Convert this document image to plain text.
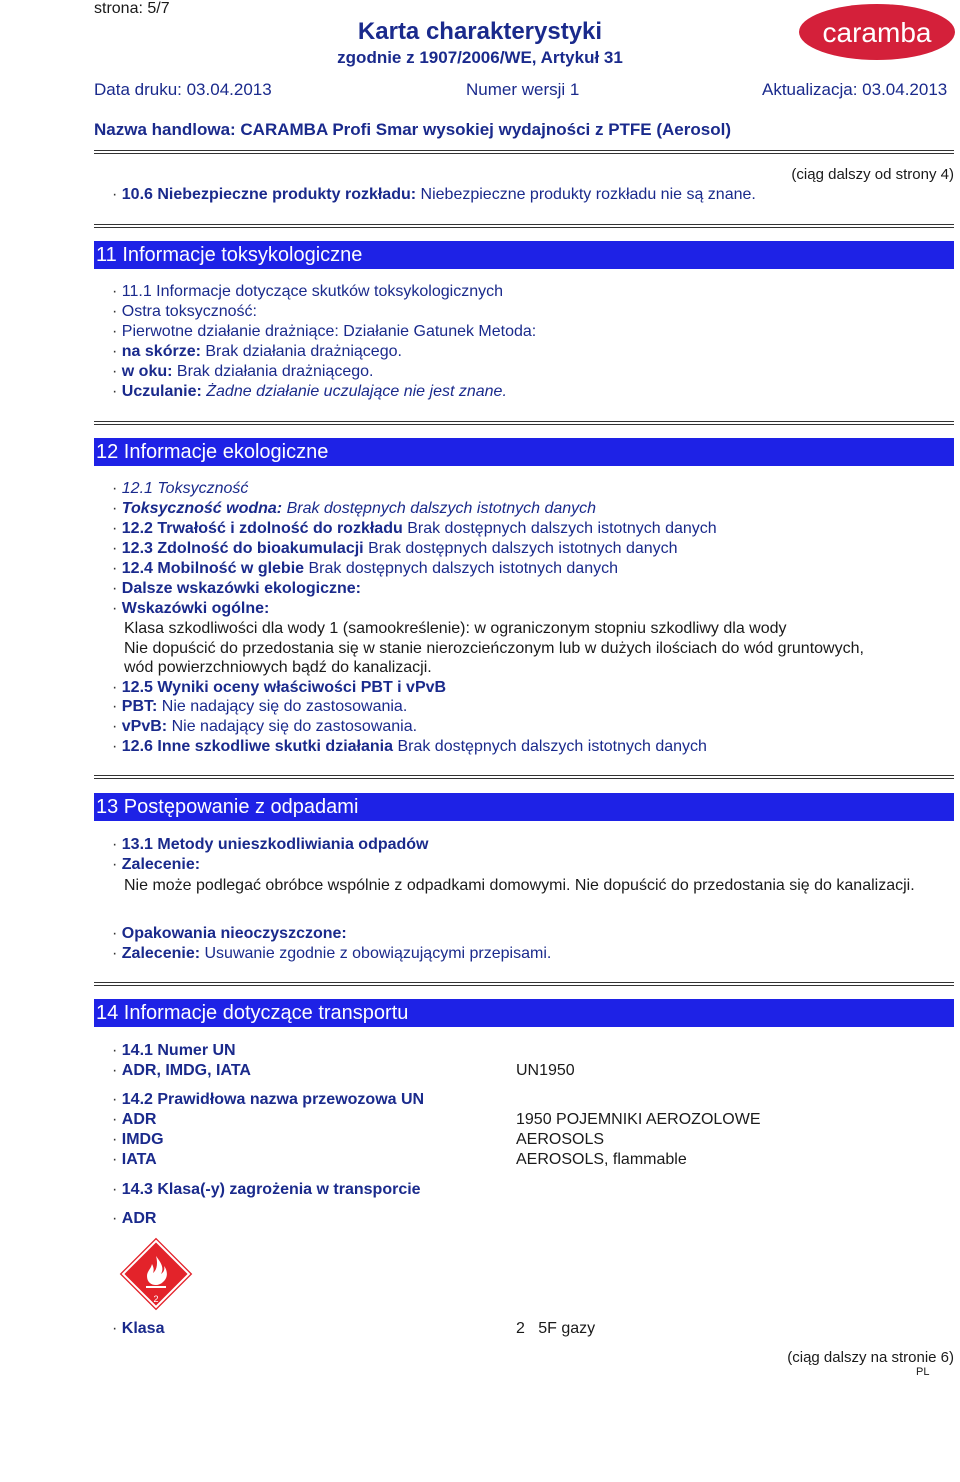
strona: 5/7
Karta charakterystyki
zgodnie z 1907/2006/WE, Artykuł 31
caramba
Data druku: 03.04.2013	Numer wersji 1	Aktualizacja: 03.04.2013
Nazwa handlowa: CARAMBA Profi Smar wysokiej wydajności z PTFE (Aerosol)
(ciąg dalszy od strony 4)
· 10.6 Niebezpieczne produkty rozkładu: Niebezpieczne produkty rozkładu nie są znane.
11 Informacje toksykologiczne
· 11.1 Informacje dotyczące skutków toksykologicznych
· Ostra toksyczność:
· Pierwotne działanie drażniące: Działanie Gatunek Metoda:
· na skórze: Brak działania drażniącego.
· w oku: Brak działania drażniącego.
· Uczulanie: Żadne działanie uczulające nie jest znane.
12 Informacje ekologiczne
· 12.1 Toksyczność
· Toksyczność wodna: Brak dostępnych dalszych istotnych danych
· 12.2 Trwałość i zdolność do rozkładu Brak dostępnych dalszych istotnych danych
· 12.3 Zdolność do bioakumulacji Brak dostępnych dalszych istotnych danych
· 12.4 Mobilność w glebie Brak dostępnych dalszych istotnych danych
· Dalsze wskazówki ekologiczne:
· Wskazówki ogólne:
Klasa szkodliwości dla wody 1 (samookreślenie): w ograniczonym stopniu szkodliwy dla wody
Nie dopuścić do przedostania się w stanie nierozcieńczonym lub w dużych ilościach do wód gruntowych,
wód powierzchniowych bądź do kanalizacji.
· 12.5 Wyniki oceny właściwości PBT i vPvB
· PBT: Nie nadający się do zastosowania.
· vPvB: Nie nadający się do zastosowania.
· 12.6 Inne szkodliwe skutki działania Brak dostępnych dalszych istotnych danych
13 Postępowanie z odpadami
· 13.1 Metody unieszkodliwiania odpadów
· Zalecenie:
Nie może podlegać obróbce wspólnie z odpadkami domowymi. Nie dopuścić do przedostania się do kanalizacji.
· Opakowania nieoczyszczone:
· Zalecenie: Usuwanie zgodnie z obowiązującymi przepisami.
14 Informacje dotyczące transportu
· 14.1 Numer UN
· ADR, IMDG, IATA	UN1950
· 14.2 Prawidłowa nazwa przewozowa UN
· ADR	1950 POJEMNIKI AEROZOLOWE
· IMDG	AEROSOLS
· IATA	AEROSOLS, flammable
· 14.3 Klasa(-y) zagrożenia w transporcie
· ADR
2
· Klasa	2   5F gazy
(ciąg dalszy na stronie 6)
PL
